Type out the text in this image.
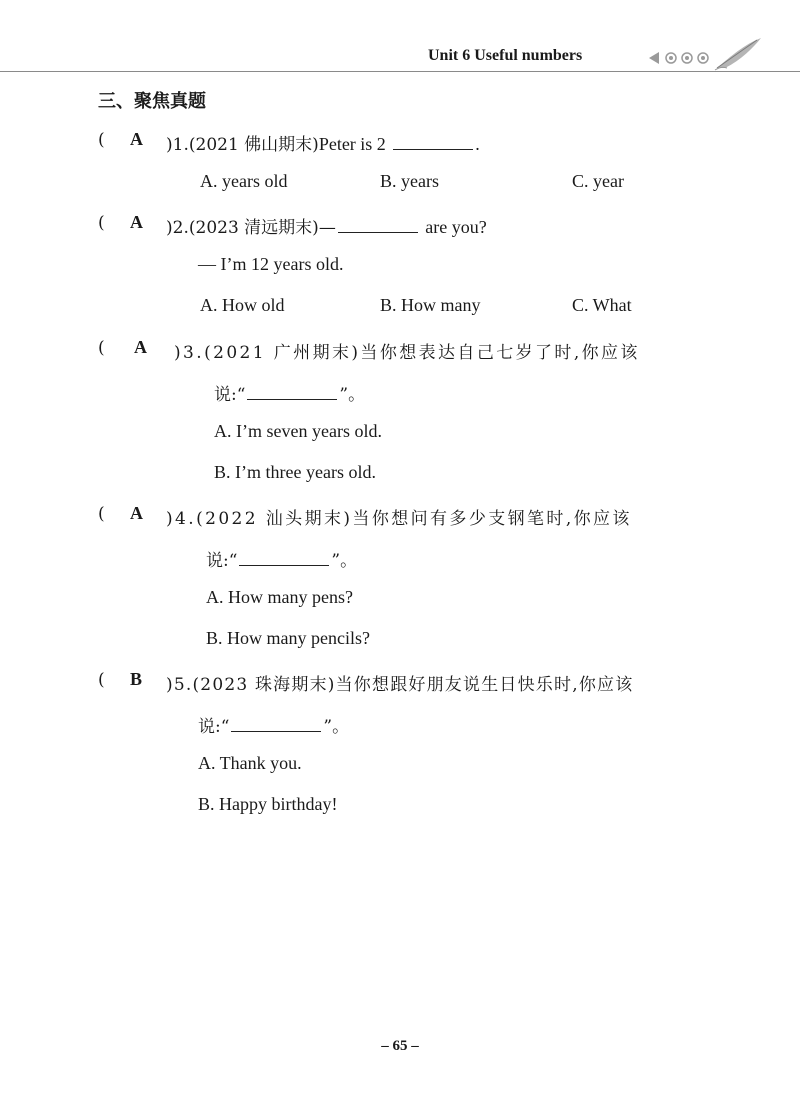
Unit 6 Useful numbers
三、聚焦真题
( A )1.(2021 佛山期末)Peter is 2	.
A. years old	B. years	C. year
( A )2.(2023 清远期末)—	are you?
— I’m 12 years old.
A. How old	B. How many	C. What
( A )3.(2021 广州期末)当你想表达自己七岁了时,你应该
说:“	”。
A. I’m seven years old.
B. I’m three years old.
( A )4.(2022 汕头期末)当你想问有多少支钢笔时,你应该
说:“	”。
A. How many pens?
B. How many pencils?
( B )5.(2023 珠海期末)当你想跟好朋友说生日快乐时,你应该
说:“	”。
A. Thank you.
B. Happy birthday!
– 65 –
